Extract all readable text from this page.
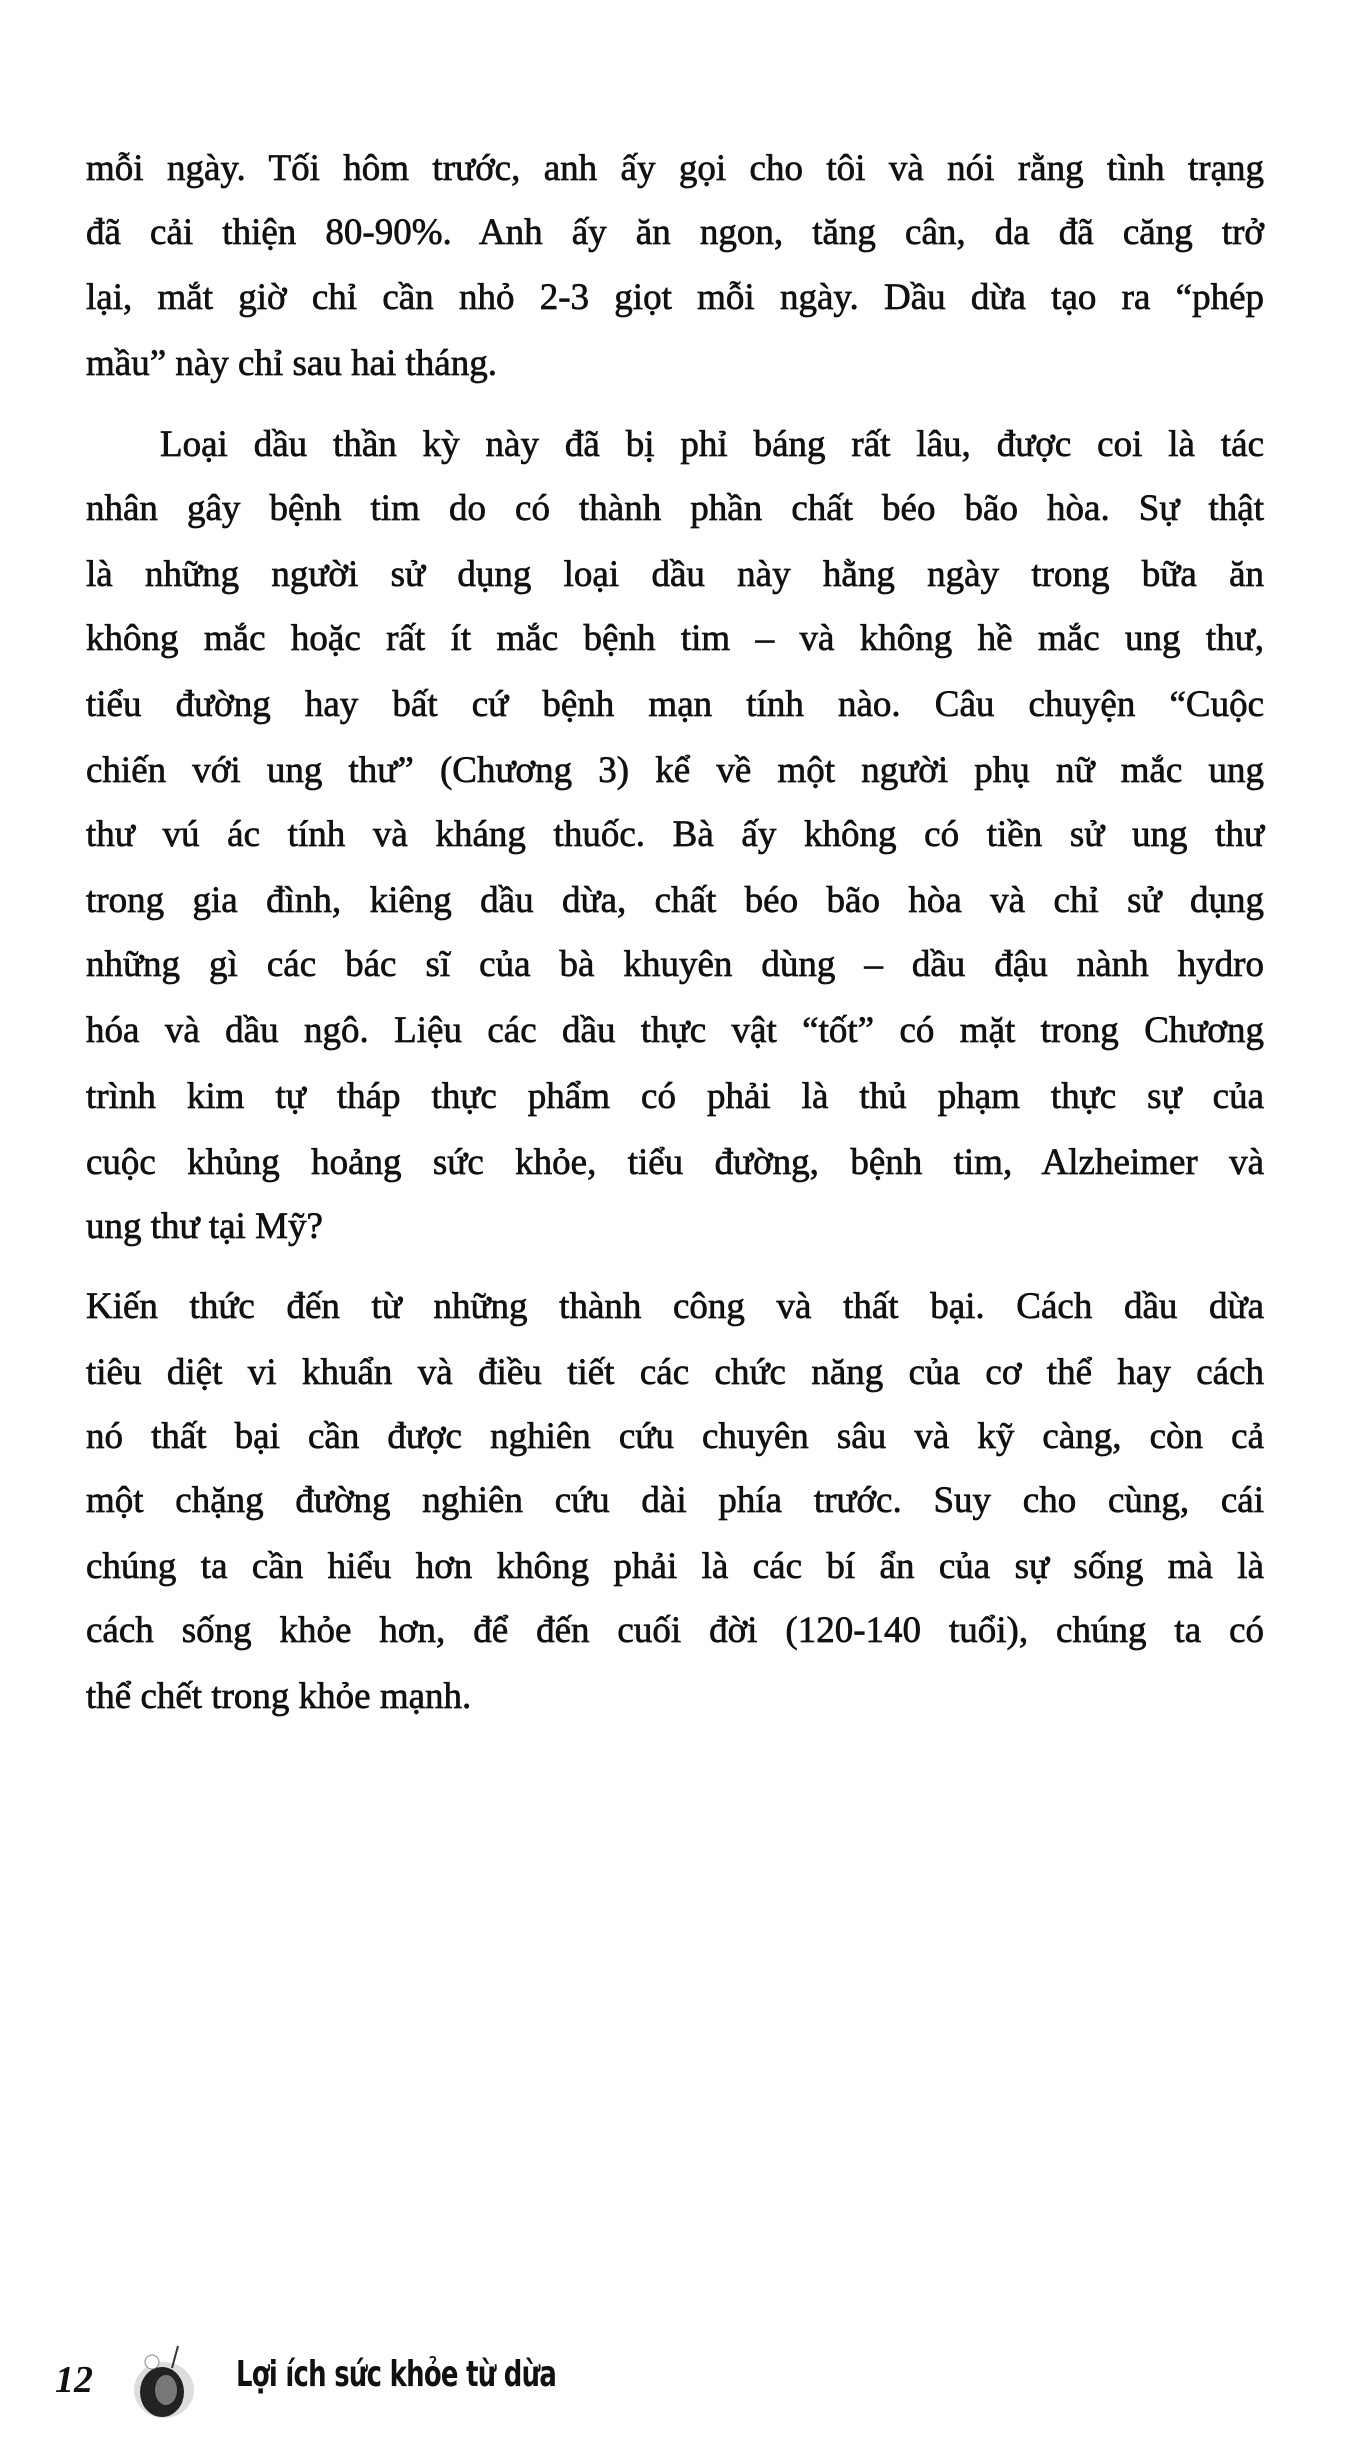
mỗi ngày. Tối hôm trước, anh ấy gọi cho tôi và nói rằng tình trạng
đã cải thiện 80-90%. Anh ấy ăn ngon, tăng cân, da đã căng trở
lại, mắt giờ chỉ cần nhỏ 2-3 giọt mỗi ngày. Dầu dừa tạo ra “phép
mầu” này chỉ sau hai tháng.
Loại dầu thần kỳ này đã bị phỉ báng rất lâu, được coi là tác
nhân gây bệnh tim do có thành phần chất béo bão hòa. Sự thật
là những người sử dụng loại dầu này hằng ngày trong bữa ăn
không mắc hoặc rất ít mắc bệnh tim – và không hề mắc ung thư,
tiểu đường hay bất cứ bệnh mạn tính nào. Câu chuyện “Cuộc
chiến với ung thư” (Chương 3) kể về một người phụ nữ mắc ung
thư vú ác tính và kháng thuốc. Bà ấy không có tiền sử ung thư
trong gia đình, kiêng dầu dừa, chất béo bão hòa và chỉ sử dụng
những gì các bác sĩ của bà khuyên dùng – dầu đậu nành hydro
hóa và dầu ngô. Liệu các dầu thực vật “tốt” có mặt trong Chương
trình kim tự tháp thực phẩm có phải là thủ phạm thực sự của
cuộc khủng hoảng sức khỏe, tiểu đường, bệnh tim, Alzheimer và
ung thư tại Mỹ?
Kiến thức đến từ những thành công và thất bại. Cách dầu dừa
tiêu diệt vi khuẩn và điều tiết các chức năng của cơ thể hay cách
nó thất bại cần được nghiên cứu chuyên sâu và kỹ càng, còn cả
một chặng đường nghiên cứu dài phía trước. Suy cho cùng, cái
chúng ta cần hiểu hơn không phải là các bí ẩn của sự sống mà là
cách sống khỏe hơn, để đến cuối đời (120-140 tuổi), chúng ta có
thể chết trong khỏe mạnh.
12	Lợi ích sức khỏe từ dừa
